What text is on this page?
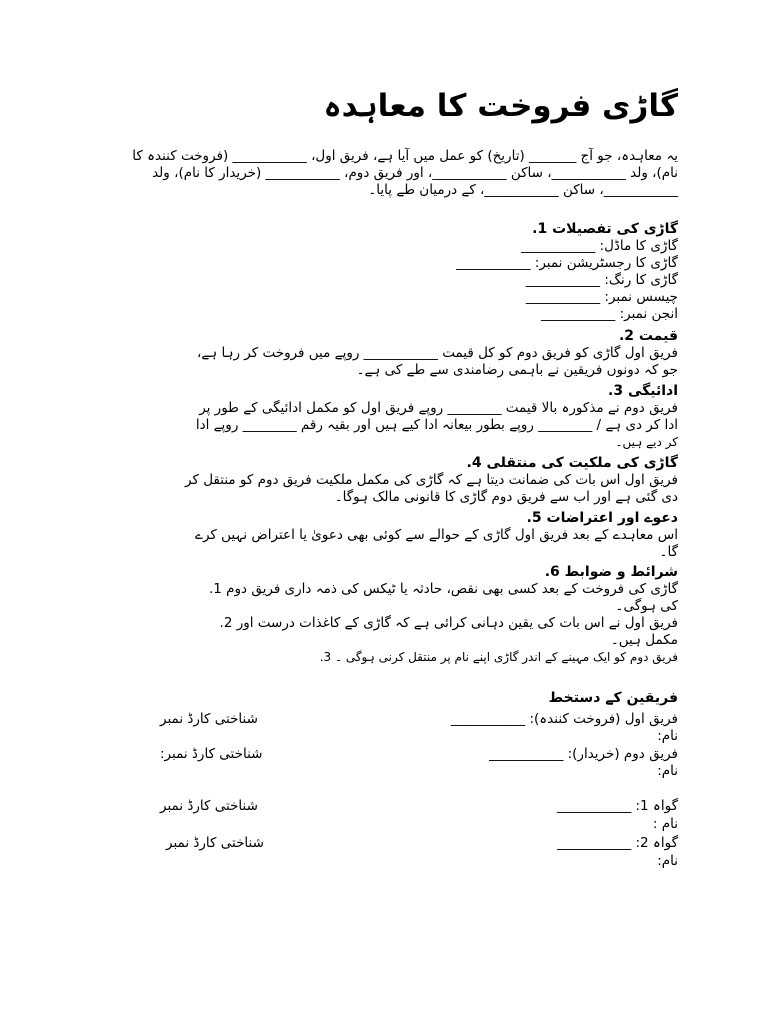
گاڑی فروخت کا معاہدہ
یہ معاہدہ، جو آج _______ (تاریخ) کو عمل میں آیا ہے، فریق اول، ___________ (فروخت کنندہ کا
نام)، ولد ___________، ساکن ___________، اور فریق دوم، ___________ (خریدار کا نام)، ولد
___________، ساکن ___________، کے درمیان طے پایا۔
گاڑی کی تفصیلات 1.
گاڑی کا ماڈل: ___________
گاڑی کا رجسٹریشن نمبر: ___________
گاڑی کا رنگ: ___________
چیسس نمبر: ___________
انجن نمبر: ___________
قیمت 2.
فریق اول گاڑی کو فریق دوم کو کل قیمت ___________ روپے میں فروخت کر رہا ہے،
جو کہ دونوں فریقین نے باہمی رضامندی سے طے کی ہے۔
ادائیگی 3.
فریق دوم نے مذکورہ بالا قیمت ________ روپے فریق اول کو مکمل ادائیگی کے طور پر
ادا کر دی ہے / ________ روپے بطور بیعانہ ادا کیے ہیں اور بقیہ رقم ________ روپے ادا
کر دیے ہیں۔
گاڑی کی ملکیت کی منتقلی 4.
فریق اول اس بات کی ضمانت دیتا ہے کہ گاڑی کی مکمل ملکیت فریق دوم کو منتقل کر
دی گئی ہے اور اب سے فریق دوم گاڑی کا قانونی مالک ہوگا۔
دعوے اور اعتراضات 5.
اس معاہدے کے بعد فریق اول گاڑی کے حوالے سے کوئی بھی دعویٰ یا اعتراض نہیں کرے
گا۔
شرائط و ضوابط 6.
گاڑی کی فروخت کے بعد کسی بھی نقص، حادثہ یا ٹیکس کی ذمہ داری فریق دوم 1.
کی ہوگی۔
فریق اول نے اس بات کی یقین دہانی کرائی ہے کہ گاڑی کے کاغذات درست اور 2.
مکمل ہیں۔
فریق دوم کو ایک مہینے کے اندر گاڑی اپنے نام پر منتقل کرنی ہوگی ۔ 3.
فریقین کے دستخط
فریق اول (فروخت کنندہ): ___________
نام:
شناختی کارڈ نمبر
فریق دوم (خریدار): ___________
نام:
شناختی کارڈ نمبر:
گواہ 1: ___________
نام :
شناختی کارڈ نمبر
گواہ 2: ___________
نام:
شناختی کارڈ نمبر
